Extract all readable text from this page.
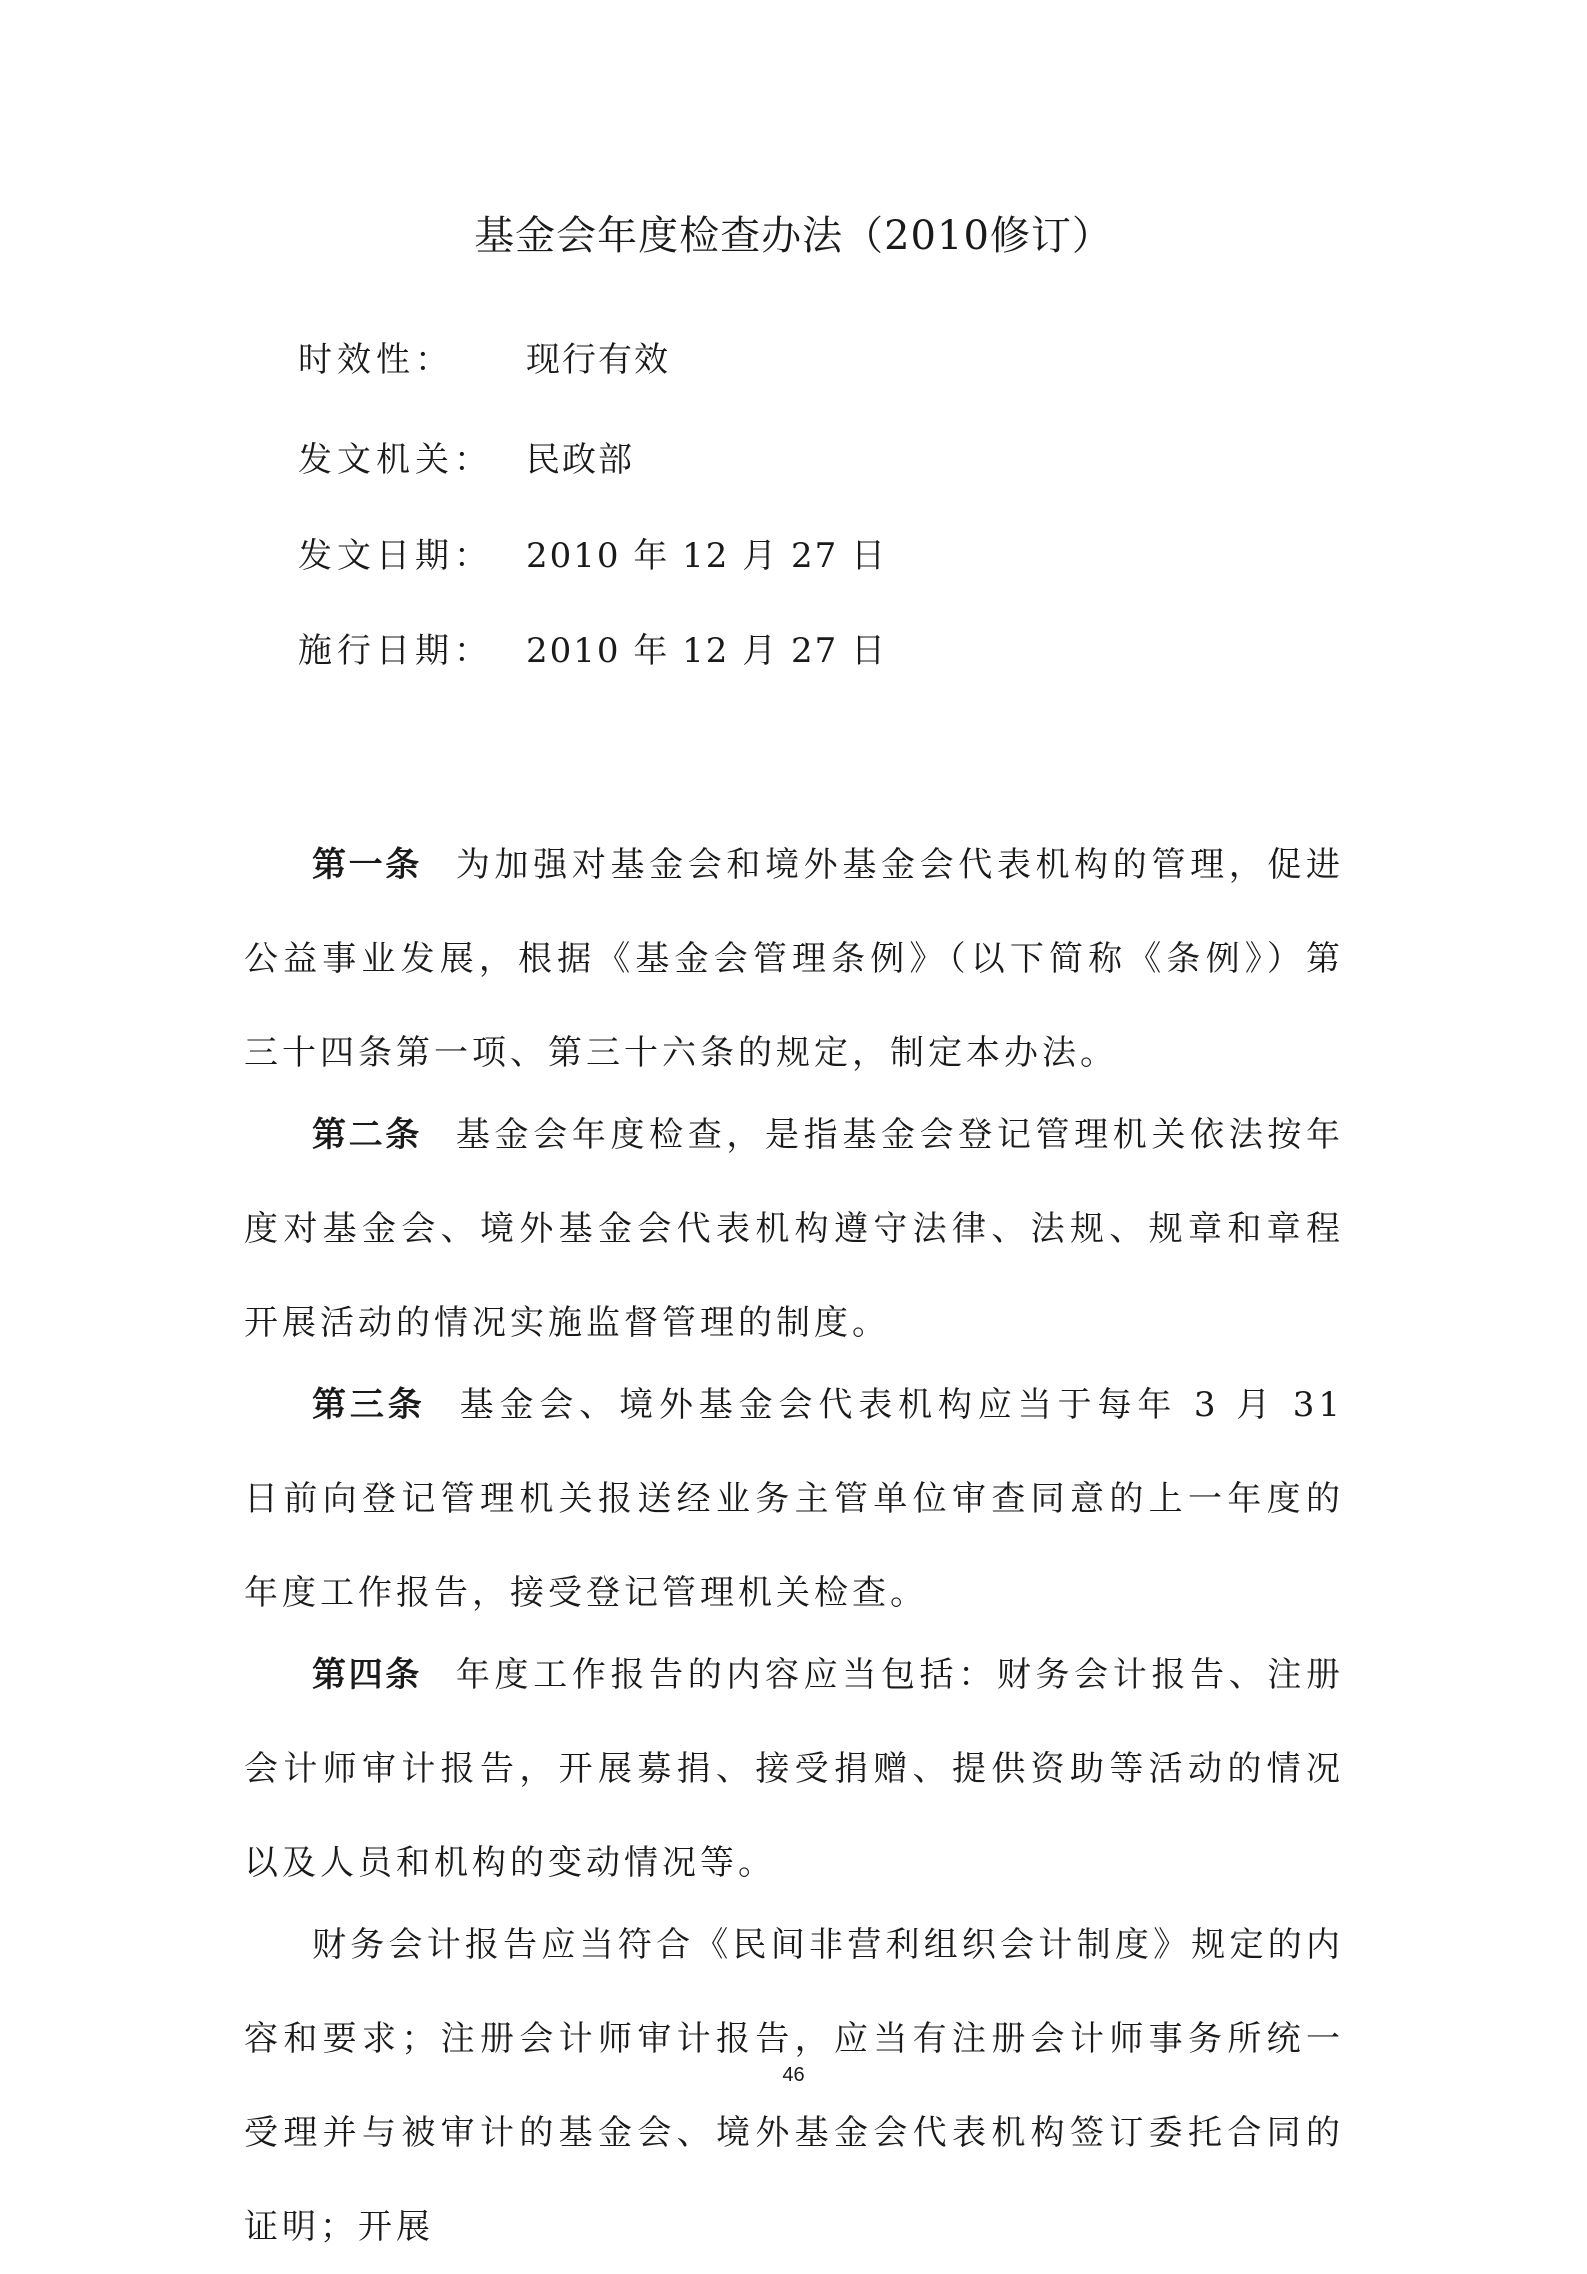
基金会年度检查办法（2010修订）
时效性： 现行有效
发文机关： 民政部
发文日期： 2010 年 12 月 27 日
施行日期： 2010 年 12 月 27 日

第一条 为加强对基金会和境外基金会代表机构的管理，促进公益事业发展，根据《基金会管理条例》（以下简称《条例》）第三十四条第一项、第三十六条的规定，制定本办法。

第二条 基金会年度检查，是指基金会登记管理机关依法按年度对基金会、境外基金会代表机构遵守法律、法规、规章和章程开展活动的情况实施监督管理的制度。

第三条 基金会、境外基金会代表机构应当于每年 3 月 31 日前向登记管理机关报送经业务主管单位审查同意的上一年度的年度工作报告，接受登记管理机关检查。

第四条 年度工作报告的内容应当包括：财务会计报告、注册会计师审计报告，开展募捐、接受捐赠、提供资助等活动的情况以及人员和机构的变动情况等。

财务会计报告应当符合《民间非营利组织会计制度》规定的内容和要求；注册会计师审计报告，应当有注册会计师事务所统一受理并与被审计的基金会、境外基金会代表机构签订委托合同的证明；开展

46
